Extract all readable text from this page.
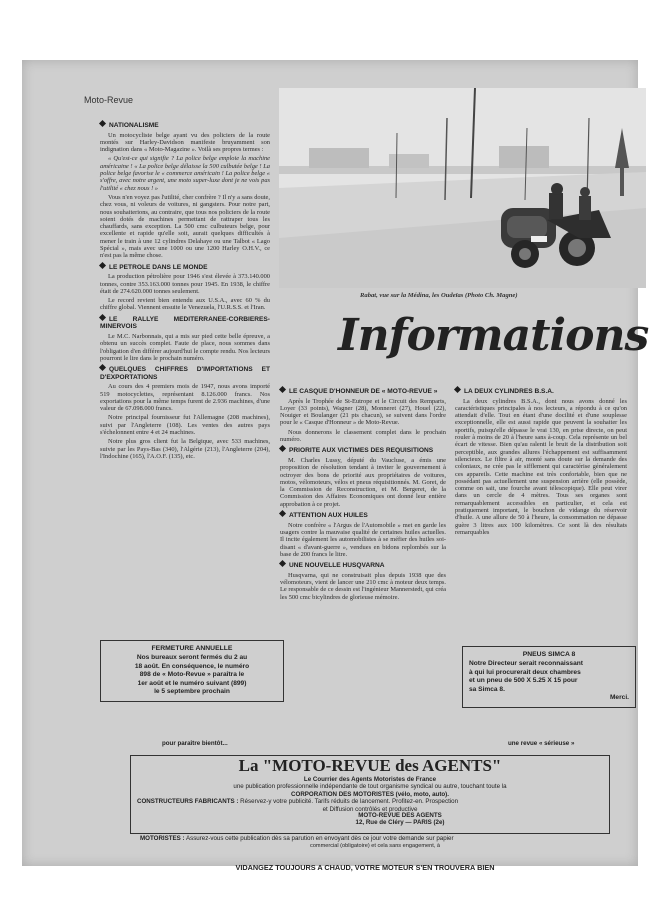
Moto-Revue
Rabat, vue sur la Médina, les Oudeïas (Photo Ch. Magne)
Informations
NATIONALISME

Un motocycliste belge ayant vu des policiers de la route montés sur Harley-Davidson manifeste bruyamment son indignation dans « Moto-Magazine ». Voilà ses propres termes :

« Qu'est-ce qui signifie ? La police belge emploie la machine américaine ! « La police belge délaisse la 500 culbutée belge ! La police belge favorise le « commerce américain ! La police belge « s'offre, avec notre argent, une moto super-luxe dont je ne vois pas l'utilité « chez nous ! »

Vous n'en voyez pas l'utilité, cher confrère ? Il n'y a sans doute, chez vous, ni voleurs de voitures, ni gangsters. Pour notre part, nous souhaiterions, au contraire, que tous nos policiers de la route soient dotés de machines permettant de rattraper tous les chauffards, sans exception. La 500 cmc culbuteurs belge, pour excellente et rapide qu'elle soit, aurait quelques difficultés à mener le train à une 12 cylindres Delahaye ou une Talbot « Lago Spécial », mais avec une 1000 ou une 1200 Harley O.H.V., ce n'est pas la même chose.

LE PETROLE DANS LE MONDE

La production pétrolière pour 1946 s'est élevée à 373.140.000 tonnes, contre 353.163.000 tonnes pour 1945. En 1938, le chiffre était de 274.620.000 tonnes seulement.

Le record revient bien entendu aux U.S.A., avec 60 % du chiffre global. Viennent ensuite le Venezuela, l'U.R.S.S. et l'Iran.

LE RALLYE MEDITERRANEE-CORBIERES-MINERVOIS

Le M.C. Narbonnais, qui a mis sur pied cette belle épreuve, a obtenu un succès complet. Faute de place, nous sommes dans l'obligation d'en différer aujourd'hui le compte rendu. Nos lecteurs pourront le lire dans le prochain numéro.

QUELQUES CHIFFRES D'IMPORTATIONS ET D'EXPORTATIONS

Au cours des 4 premiers mois de 1947, nous avons importé 519 motocyclettes, représentant 8.126.000 francs. Nos exportations pour la même temps furent de 2.936 machines, d'une valeur de 67.098.000 francs.

Notre principal fournisseur fut l'Allemagne (208 machines), suivi par l'Angleterre (108). Les ventes des autres pays s'échelonnent entre 4 et 24 machines.

Notre plus gros client fut la Belgique, avec 533 machines, suivie par les Pays-Bas (340), l'Algérie (213), l'Angleterre (204), l'Indochine (165), l'A.O.F. (135), etc.

FERMETURE ANNUELLE
Nos bureaux seront fermés du 2 au
18 août. En conséquence, le numéro
898 de « Moto-Revue » paraîtra le
1er août et le numéro suivant (899)
le 5 septembre prochain
LE CASQUE D'HONNEUR DE « MOTO-REVUE »

Après le Trophée de St-Eutrope et le Circuit des Remparts, Loyer (33 points), Wagner (28), Monneret (27), Houel (22), Nouiger et Boulanger (21 pts chacun), se suivent dans l'ordre pour le « Casque d'Honneur » de Moto-Revue.

Nous donnerons le classement complet dans le prochain numéro.

PRIORITE AUX VICTIMES DES REQUISITIONS

M. Charles Lussy, député du Vaucluse, a émis une proposition de résolution tendant à inviter le gouvernement à octroyer des bons de priorité aux propriétaires de voitures, motos, vélomoteurs, vélos et pneus réquisitionnés. M. Goret, de la Commission de Reconstruction, et M. Bergeret, de la Commission des Affaires Economiques ont donné leur entière approbation à ce projet.

ATTENTION AUX HUILES

Notre confrère « l'Argus de l'Automobile » met en garde les usagers contre la mauvaise qualité de certaines huiles actuelles. Il incite également les automobilistes à se méfier des huiles soi-disant « d'avant-guerre », vendues en bidons replombés sur la base de 200 francs le litre.

UNE NOUVELLE HUSQVARNA

Husqvarna, qui ne construisait plus depuis 1938 que des vélomoteurs, vient de lancer une 210 cmc à moteur deux temps. Le responsable de ce dessin est l'ingénieur Mannerstedt, qui créa les 500 cmc bicylindres de glorieuse mémoire.

LA DEUX CYLINDRES B.S.A.

La deux cylindres B.S.A., dont nous avons donné les caractéristiques principales à nos lecteurs, a répondu à ce qu'on attendait d'elle. Tout en étant d'une docilité et d'une souplesse exceptionnelle, elle est aussi rapide que peuvent la souhaiter les sportifs, puisqu'elle dépasse le vrai 130, en prise directe, on peut rouler à moins de 20 à l'heure sans à-coup. Cela représente un bel écart de vitesse. Bien qu'au ralenti le bruit de la distribution soit perceptible, aux grandes allures l'échappement est suffisamment silencieux. Le filtre à air, monté sans doute sur la demande des coloniaux, ne crée pas le sifflement qui caractérise généralement ces appareils. Cette machine est très confortable, bien que ne possédant pas actuellement une suspension arrière (elle possède, comme on sait, une fourche avant télescopique). Elle peut virer dans un cercle de 4 mètres. Tous ses organes sont remarquablement accessibles en particulier, et cela est pratiquement important, le bouchon de vidange du réservoir d'huile. A une allure de 50 à l'heure, la consommation ne dépasse guère 3 litres aux 100 kilomètres. Ce sont là des résultats remarquables

PNEUS SIMCA 8
Notre Directeur serait reconnaissant
à qui lui procurerait deux chambres
et un pneu de 500 X 5.25 X 15 pour
sa Simca 8.
Merci.
pour paraître bientôt...	une revue « sérieuse »
La "MOTO-REVUE des AGENTS"
Le Courrier des Agents Motoristes de France
une publication professionnelle indépendante de tout organisme syndical ou autre, touchant toute la
CORPORATION DES MOTORISTES (vélo, moto, auto).
CONSTRUCTEURS FABRICANTS : Réservez-y votre publicité. Tarifs réduits de lancement. Profitez-en. Prospection
et Diffusion contrôlés et productive
MOTORISTES : Assurez-vous cette publication dès sa parution en envoyant dès ce jour votre demande sur papier
commercial (obligatoire) et cela sans engagement, à
VIDANGEZ TOUJOURS A CHAUD, VOTRE MOTEUR S'EN TROUVERA BIEN
MOTO-REVUE DES AGENTS
12, Rue de Cléry — PARIS (2e)
